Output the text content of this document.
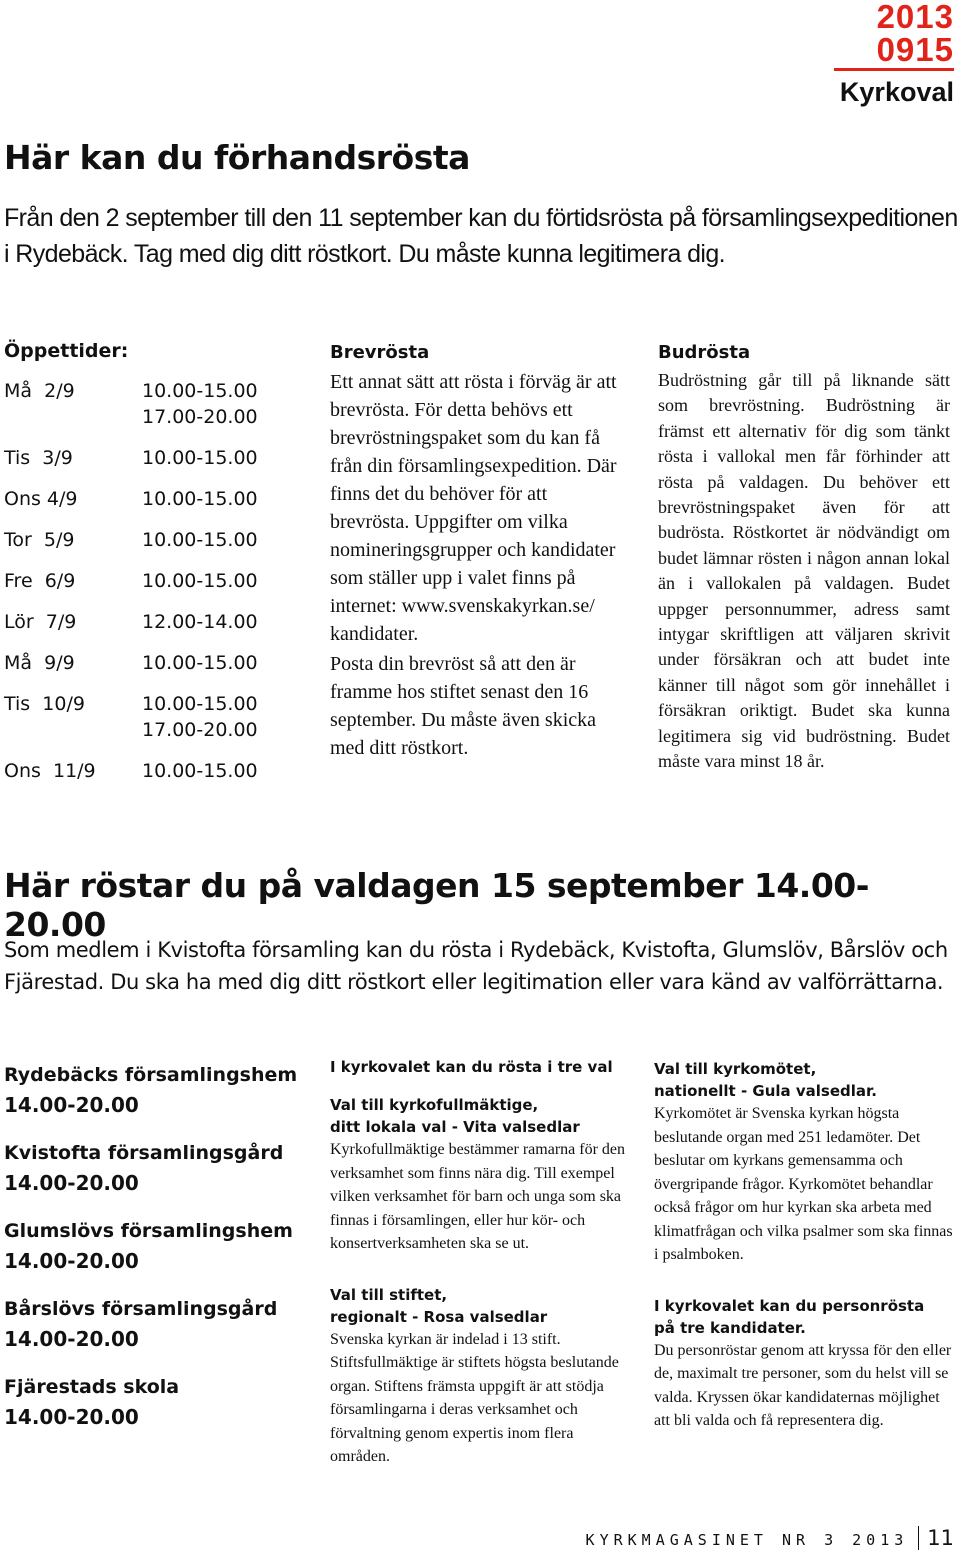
2013
0915
Kyrkoval
Här kan du förhandsrösta

Från den 2 september till den 11 september kan du förtidsrösta på församlingsexpeditionen i Rydebäck. Tag med dig ditt röstkort. Du måste kunna legitimera dig.

Öppettider:
Må  2/9	10.00-15.00
17.00-20.00
Tis  3/9	10.00-15.00
Ons 4/9	10.00-15.00
Tor  5/9	10.00-15.00
Fre  6/9	10.00-15.00
Lör  7/9	12.00-14.00
Må  9/9	10.00-15.00
Tis  10/9	10.00-15.00
17.00-20.00
Ons  11/9	10.00-15.00
Brevrösta

Ett annat sätt att rösta i förväg är att brevrösta. För detta behövs ett brevröstningspaket som du kan få från din församlingsexpedition. Där finns det du behöver för att brevrösta. Uppgifter om vilka nomineringsgrupper och kandidater som ställer upp i valet finns på internet: www.svenskakyrkan.se/ kandidater.

Posta din brevröst så att den är framme hos stiftet senast den 16 september. Du måste även skicka med ditt röstkort.

Budrösta

Budröstning går till på liknande sätt som brevröstning. Budröstning är främst ett alternativ för dig som tänkt rösta i vallokal men får förhinder att rösta på valdagen. Du behöver ett brevröstningspaket även för att budrösta. Röstkortet är nödvändigt om budet lämnar rösten i någon annan lokal än i vallokalen på valdagen. Budet uppger personnummer, adress samt intygar skriftligen att väljaren skrivit under försäkran och att budet inte känner till något som gör innehållet i försäkran oriktigt. Budet ska kunna legitimera sig vid budröstning. Budet måste vara minst 18 år.

Här röstar du på valdagen 15 september 14.00-20.00

Som medlem i Kvistofta församling kan du rösta i Rydebäck, Kvistofta, Glumslöv, Bårslöv och Fjärestad. Du ska ha med dig ditt röstkort eller legitimation eller vara känd av valförrättarna.

Rydebäcks församlingshem
14.00-20.00
Kvistofta församlingsgård
14.00-20.00
Glumslövs församlingshem
14.00-20.00
Bårslövs församlingsgård
14.00-20.00
Fjärestads skola
14.00-20.00
I kyrkovalet kan du rösta i tre val
Val till kyrkofullmäktige,
ditt lokala val - Vita valsedlar

Kyrkofullmäktige bestämmer ramarna för den verksamhet som finns nära dig. Till exempel vilken verksamhet för barn och unga som ska finnas i församlingen, eller hur kör- och konsertverksamheten ska se ut.

Val till stiftet,
regionalt - Rosa valsedlar

Svenska kyrkan är indelad i 13 stift. Stiftsfullmäktige är stiftets högsta beslutande organ. Stiftens främsta uppgift är att stödja församlingarna i deras verksamhet och förvaltning genom expertis inom flera områden.

Val till kyrkomötet,
nationellt - Gula valsedlar.

Kyrkomötet är Svenska kyrkan högsta beslutande organ med 251 ledamöter. Det beslutar om kyrkans gemensamma och övergripande frågor. Kyrkomötet behandlar också frågor om hur kyrkan ska arbeta med klimatfrågan och vilka psalmer som ska finnas i psalmboken.

I kyrkovalet kan du personrösta
på tre kandidater.

Du personröstar genom att kryssa för den eller de, maximalt tre personer, som du helst vill se valda. Kryssen ökar kandidaternas möjlighet att bli valda och få representera dig.

KYRKMAGASINET NR 3 2013 11
